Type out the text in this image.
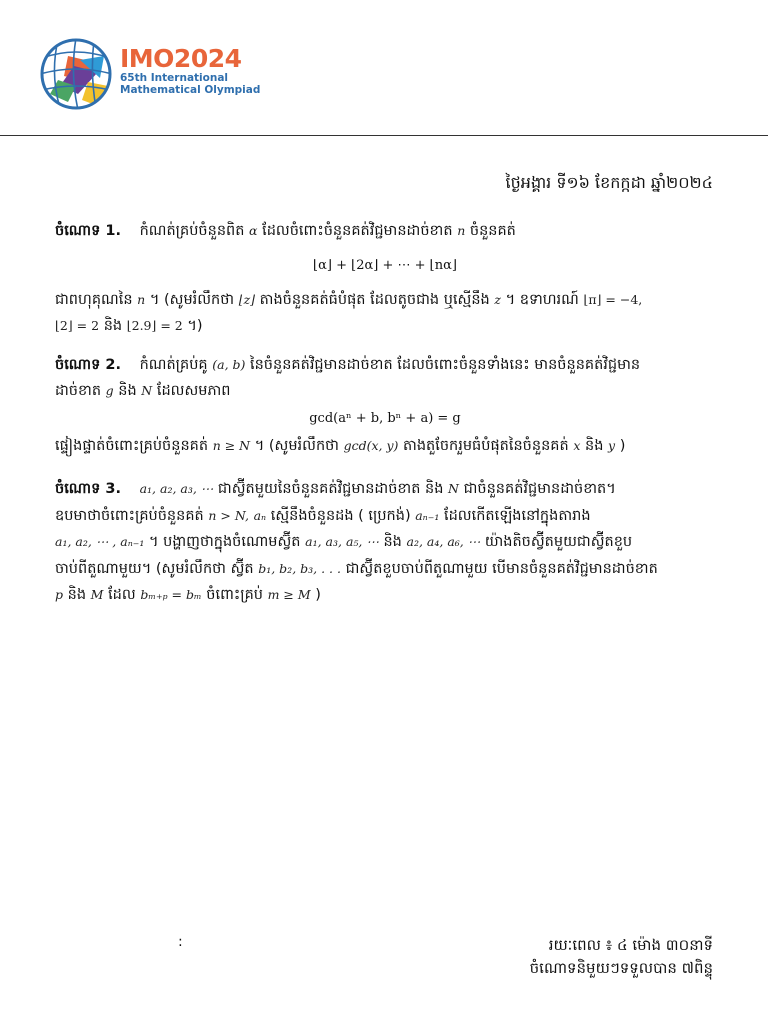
IMO2024
65th International
Mathematical Olympiad
ថ្ងៃអង្គារ ទី១៦ ខែកក្កដា ឆ្នាំ២០២៤
ចំណោទ 1. កំណត់គ្រប់ចំនួនពិត α ដែលចំពោះចំនួនគត់វិជ្ជមានដាច់ខាត n ចំនួនគត់
⌊α⌋ + ⌊2α⌋ + ⋯ + ⌊nα⌋
ជាពហុគុណនៃ n ។ (សូមរំលឹកថា ⌊z⌋ តាងចំនួនគត់ធំបំផុត ដែលតូចជាង ឬស្មើនឹង z ។ ឧទាហរណ៍ ⌊π⌋ = −4,
⌊2⌋ = 2 និង ⌊2.9⌋ = 2 ។)
ចំណោទ 2. កំណត់គ្រប់គូ (a, b) នៃចំនួនគត់វិជ្ជមានដាច់ខាត ដែលចំពោះចំនួនទាំងនេះ មានចំនួនគត់វិជ្ជមាន
ដាច់ខាត g និង N ដែលសមភាព
gcd(aⁿ + b, bⁿ + a) = g
ផ្ទៀងផ្ទាត់ចំពោះគ្រប់ចំនួនគត់ n ≥ N ។ (សូមរំលឹកថា gcd(x, y) តាងតួចែករួមធំបំផុតនៃចំនួនគត់ x និង y )
ចំណោទ 3. a₁, a₂, a₃, ⋯ ជាស្វ៊ីតមួយនៃចំនួនគត់វិជ្ជមានដាច់ខាត និង N ជាចំនួនគត់វិជ្ជមានដាច់ខាត។
ឧបមាថាចំពោះគ្រប់ចំនួនគត់ n > N, aₙ ស្មើនឹងចំនួនដង ( ប្រេកង់) aₙ₋₁ ដែលកើតឡើងនៅក្នុងតារាង
a₁, a₂, ⋯ , aₙ₋₁ ។ បង្ហាញថាក្នុងចំណោមស្វ៊ីត a₁, a₃, a₅, ⋯ និង a₂, a₄, a₆, ⋯ យ៉ាងតិចស្វ៊ីតមួយជាស្វ៊ីតខួប
ចាប់ពីតួណាមួយ។ (សូមរំលឹកថា ស្វ៊ីត b₁, b₂, b₃, . . . ជាស្វ៊ីតខួបចាប់ពីតួណាមួយ បើមានចំនួនគត់វិជ្ជមានដាច់ខាត
p និង M ដែល bₘ₊ₚ = bₘ ចំពោះគ្រប់ m ≥ M )
:	រយៈពេល ៖ ៤ ម៉ោង ៣០នាទី
ចំណោទនិមួយៗទទួលបាន ៧ពិន្ទុ
